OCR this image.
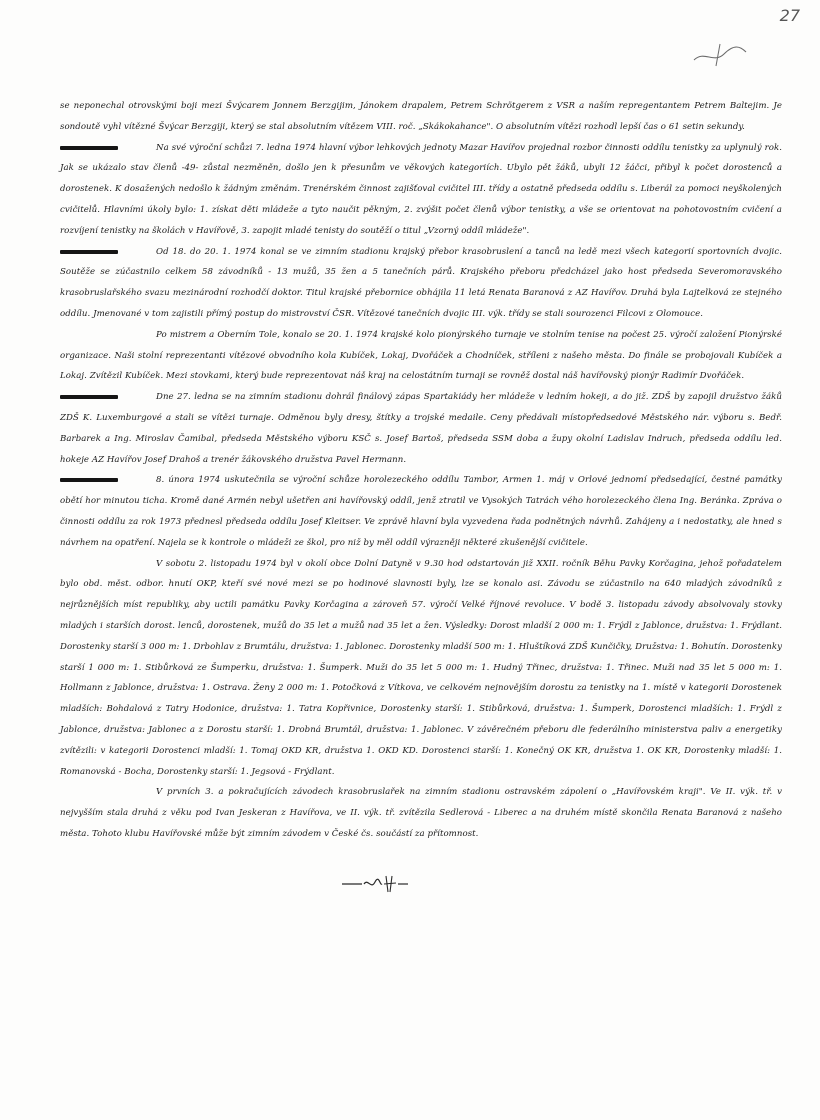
27

se neponechal otrovskými boji mezi Švýcarem Jonnem Berzgijim, Jánokem drapalem, Petrem Schrötgerem z VSR a naším repregentantem Petrem Baltejim. Je sondoutě vyhl vítězné Švýcar Berzgiji, který se stal absolutním vítězem VIII. roč. „Skákokahance". O absolutním vítězi rozhodl lepší čas o 61 setin sekundy.

Na své výroční schůzi 7. ledna 1974 hlavní výbor lehkových jednoty Mazar Havířov projednal rozbor činnosti oddílu tenistky za uplynulý rok. Jak se ukázalo stav členů -49- zůstal nezměněn, došlo jen k přesunům ve věkových kategoriích. Ubylo pět žáků, ubyli 12 žáčci, přibyl k počet dorostenců a dorostenek. K dosažených nedošlo k žádným změnám. Trenérském činnost zajišťoval cvičitel III. třídy a ostatně předseda oddílu s. Liberál za pomoci neyškolených cvičitelů. Hlavními úkoly bylo: 1. získat děti mládeže a tyto naučit pěkným, 2. zvýšit počet členů výbor tenistky, a vše se orientovat na pohotovostním cvičení a rozvíjení tenistky na školách v Havířově, 3. zapojit mladé tenisty do soutěží o titul „Vzorný oddíl mládeže".

Od 18. do 20. 1. 1974 konal se ve zimním stadionu krajský přebor krasobruslení a tanců na ledě mezi všech kategorií sportovních dvojic. Soutěže se zúčastnilo celkem 58 závodníků - 13 mužů, 35 žen a 5 tanečních párů. Krajského přeboru předcházel jako host předseda Severomoravského krasobruslařského svazu mezinárodní rozhodčí doktor. Titul krajské přebornice obhájila 11 letá Renata Baranová z AZ Havířov. Druhá byla Lajtelková ze stejného oddílu. Jmenované v tom zajistili přímý postup do mistrovství ČSR. Vítězové tanečních dvojic III. výk. třídy se stali sourozenci Filcovi z Olomouce.

Po mistrem a Oberním Tole, konalo se 20. 1. 1974 krajské kolo pionýrského turnaje ve stolním tenise na počest 25. výročí založení Pionýrské organizace. Naši stolní reprezentanti vítězové obvodního kola Kubíček, Lokaj, Dvořáček a Chodníček, stříleni z našeho města. Do finále se probojovali Kubíček a Lokaj. Zvítězil Kubíček. Mezi stovkami, který bude reprezentovat náš kraj na celostátním turnaji se rovněž dostal náš havířovský pionýr Radimír Dvořáček.

Dne 27. ledna se na zimním stadionu dohrál finálový zápas Spartakiády her mládeže v ledním hokeji, a do již. ZDŠ by zapojil družstvo žáků ZDŠ K. Luxemburgové a stali se vítězi turnaje. Odměnou byly dresy, štítky a trojské medaile. Ceny předávali místopředsedové Městského nár. výboru s. Bedř. Barbarek a Ing. Miroslav Čamibal, předseda Městského výboru KSČ s. Josef Bartoš, předseda SSM doba a župy okolní Ladislav Indruch, předseda oddílu led. hokeje AZ Havířov Josef Drahoš a trenér žákovského družstva Pavel Hermann.

8. února 1974 uskutečnila se výroční schůze horolezeckého oddílu Tambor, Armen 1. máj v Orlové jednomí předsedající, čestné památky obětí hor minutou ticha. Kromě dané Armén nebyl ušetřen ani havířovský oddíl, jenž ztratil ve Vysokých Tatrách vého horolezeckého člena Ing. Beránka. Zpráva o činnosti oddílu za rok 1973 přednesl předseda oddílu Josef Kleitser. Ve zprávě hlavní byla vyzvedena řada podnětných návrhů. Zahájeny a i nedostatky, ale hned s návrhem na opatření. Najela se k kontrole o mládeži ze škol, pro niž by měl oddíl výrazněji některé zkušenější cvičitele.

V sobotu 2. listopadu 1974 byl v okolí obce Dolní Datyně v 9.30 hod odstartován již XXII. ročník Běhu Pavky Korčagina, jehož pořadatelem bylo obd. měst. odbor. hnutí OKP, kteří své nové mezi se po hodinové slavnosti byly, lze se konalo asi. Závodu se zúčastnilo na 640 mladých závodníků z nejrůznějších míst republiky, aby uctili památku Pavky Korčagina a zároveň 57. výročí Velké říjnové revoluce. V bodě 3. listopadu závody absolvovaly stovky mladých i starších dorost. lenců, dorostenek, mužů do 35 let a mužů nad 35 let a žen. Výsledky: Dorost mladší 2 000 m: 1. Frýdl z Jablonce, družstva: 1. Frýdlant. Dorostenky starší 3 000 m: 1. Drbohlav z Brumtálu, družstva: 1. Jablonec. Dorostenky mladší 500 m: 1. Hluštíková ZDŠ Kunčičky, Družstva: 1. Bohutín. Dorostenky starší 1 000 m: 1. Stibůrková ze Šumperku, družstva: 1. Šumperk. Muži do 35 let 5 000 m: 1. Hudný Třinec, družstva: 1. Třinec. Muži nad 35 let 5 000 m: 1. Hollmann z Jablonce, družstva: 1. Ostrava. Ženy 2 000 m: 1. Potočková z Vítkova, ve celkovém nejnovějším dorostu za tenistky na 1. místě v kategorii Dorostenek mladších: Bohdalová z Tatry Hodonice, družstva: 1. Tatra Kopřivnice, Dorostenky starší: 1. Stibůrková, družstva: 1. Šumperk, Dorostenci mladších: 1. Frýdl z Jablonce, družstva: Jablonec a z Dorostu starší: 1. Drobná Brumtál, družstva: 1. Jablonec. V závěrečném přeboru dle federálního ministerstva paliv a energetiky zvítězili: v kategorii Dorostenci mladší: 1. Tomaj OKD KR, družstva 1. OKD KD. Dorostenci starší: 1. Konečný OK KR, družstva 1. OK KR, Dorostenky mladší: 1. Romanovská - Bocha, Dorostenky starší: 1. Jegsová - Frýdlant.

V prvních 3. a pokračujících závodech krasobruslařek na zimním stadionu ostravském zápolení o „Havířovském kraji". Ve II. výk. tř. v nejvyšším stala druhá z věku pod Ivan Jeskeran z Havířova, ve II. výk. tř. zvítězila Sedlerová - Liberec a na druhém místě skončila Renata Baranová z našeho města. Tohoto klubu Havířovské může být zimním závodem v České čs. součástí za přítomnost.
